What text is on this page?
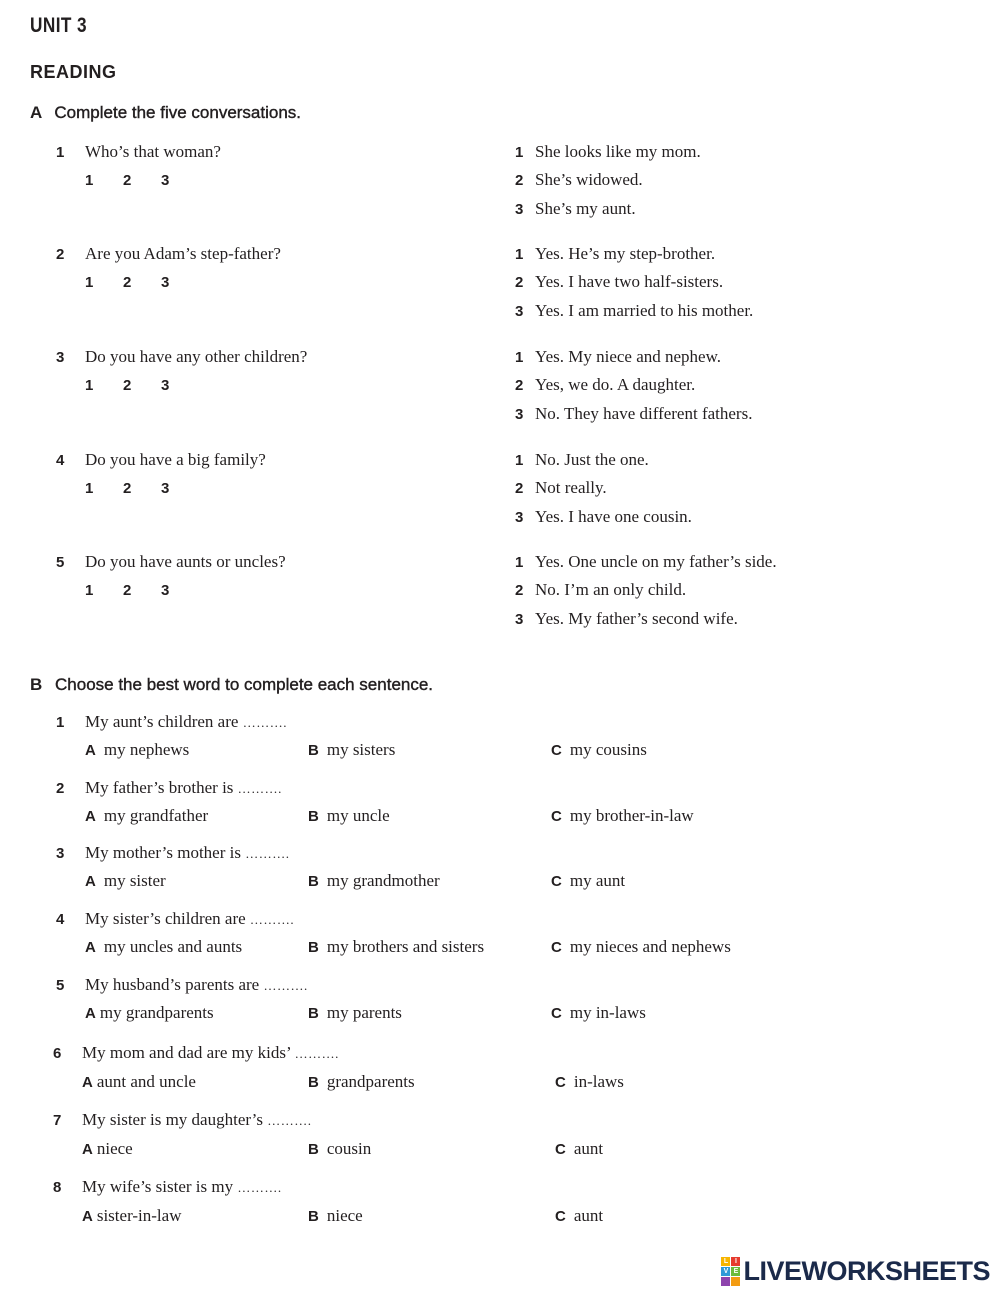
UNIT 3
READING
A Complete the five conversations.
1 Who’s that woman?
1 2 3
1 She looks like my mom.
2 She’s widowed.
3 She’s my aunt.
2 Are you Adam’s step-father?
1 2 3
1 Yes. He’s my step-brother.
2 Yes. I have two half-sisters.
3 Yes. I am married to his mother.
3 Do you have any other children?
1 2 3
1 Yes. My niece and nephew.
2 Yes, we do. A daughter.
3 No. They have different fathers.
4 Do you have a big family?
1 2 3
1 No. Just the one.
2 Not really.
3 Yes. I have one cousin.
5 Do you have aunts or uncles?
1 2 3
1 Yes. One uncle on my father’s side.
2 No. I’m an only child.
3 Yes. My father’s second wife.
B Choose the best word to complete each sentence.
1 My aunt’s children are ……….
A my nephews	B my sisters	C my cousins
2 My father’s brother is ……….
A my grandfather	B my uncle	C my brother-in-law
3 My mother’s mother is ……….
A my sister	B my grandmother	C my aunt
4 My sister’s children are ……….
A my uncles and aunts	B my brothers and sisters	C my nieces and nephews
5 My husband’s parents are ……….
A my grandparents	B my parents	C my in-laws
6 My mom and dad are my kids’ ……….
A aunt and uncle	B grandparents	C in-laws
7 My sister is my daughter’s ……….
A niece	B cousin	C aunt
8 My wife’s sister is my ……….
A sister-in-law	B niece	C aunt
L I
V E LIVEWORKSHEETS
